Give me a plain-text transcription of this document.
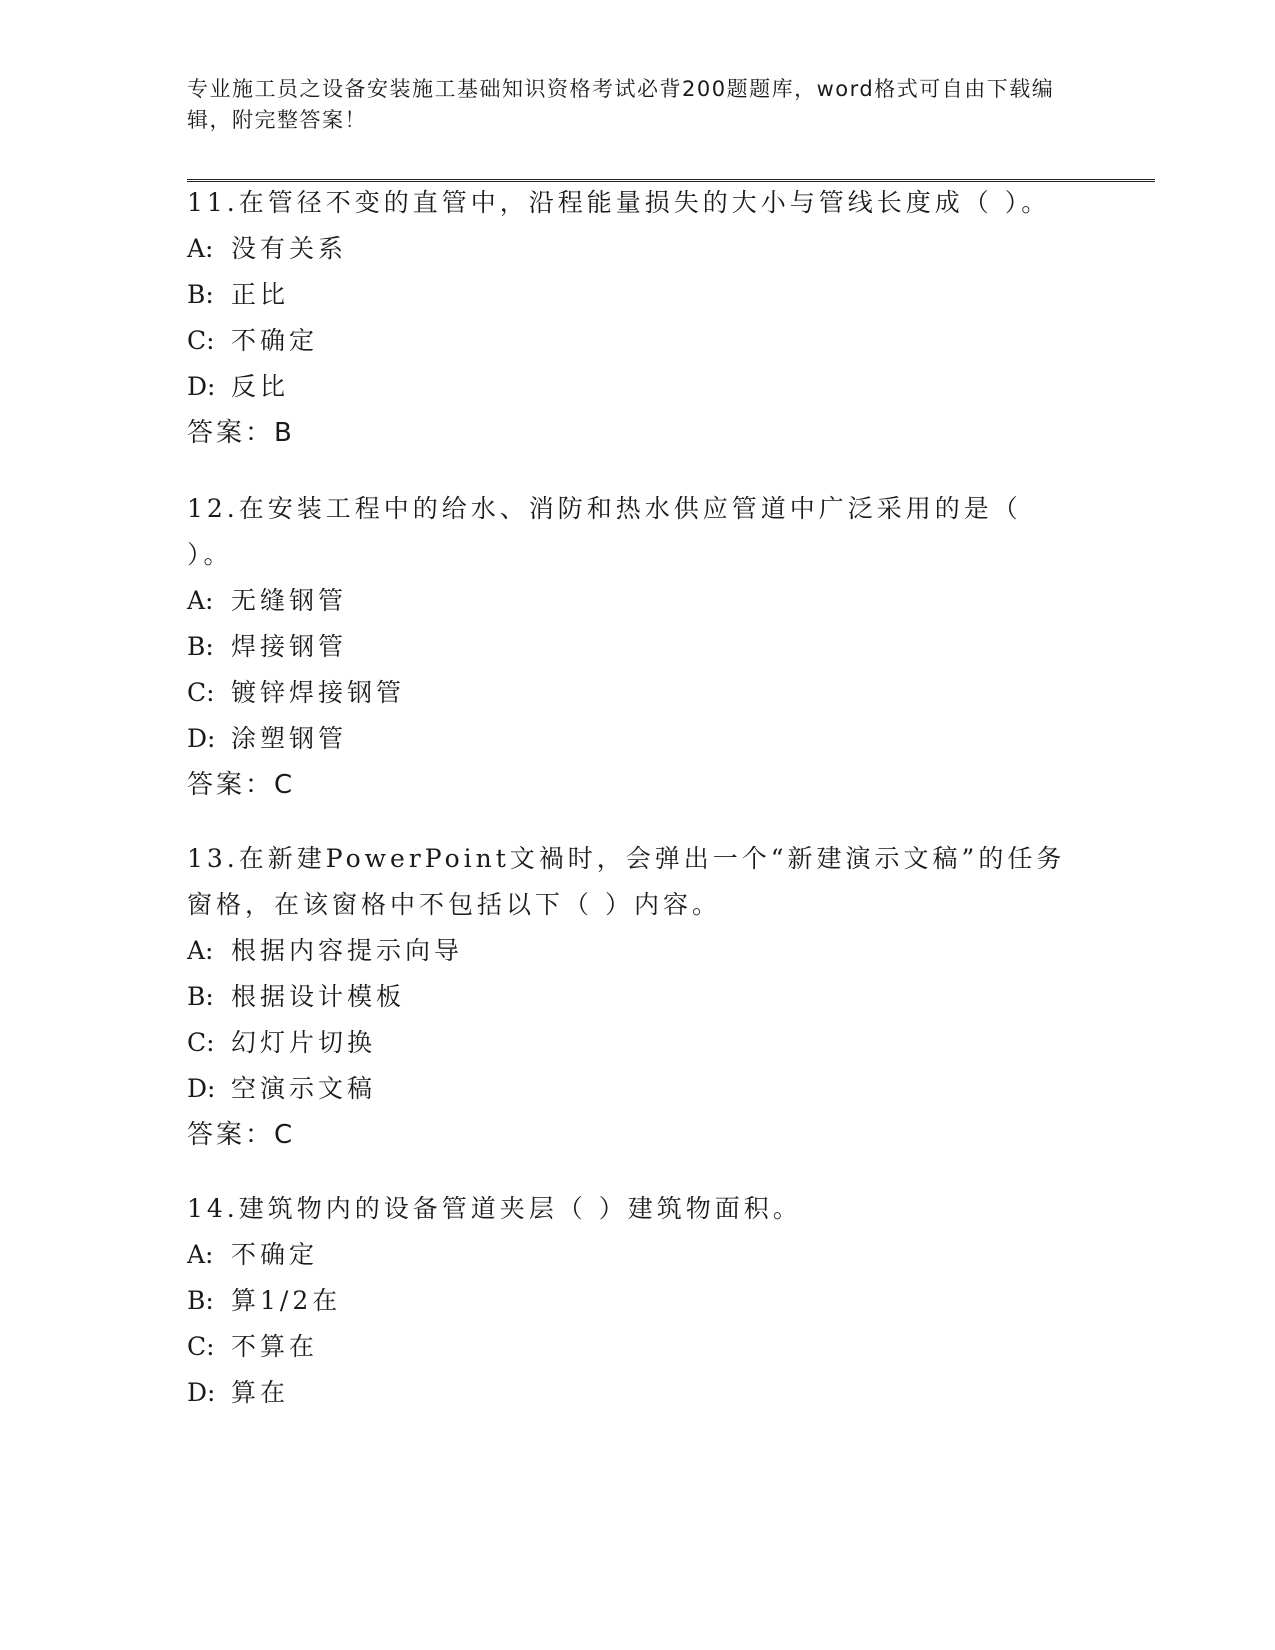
专业施工员之设备安装施工基础知识资格考试必背200题题库，word格式可自由下载编辑，附完整答案！

11.在管径不变的直管中，沿程能量损失的大小与管线长度成（ ）。

A: 没有关系

B: 正比

C: 不确定

D: 反比

答案：B

12.在安装工程中的给水、消防和热水供应管道中广泛采用的是（ ）。

A: 无缝钢管

B: 焊接钢管

C: 镀锌焊接钢管

D: 涂塑钢管

答案：C

13.在新建PowerPoint文禍时，会弹出一个“新建演示文稿”的任务窗格，在该窗格中不包括以下（ ）内容。

A: 根据内容提示向导

B: 根据设计模板

C: 幻灯片切换

D: 空演示文稿

答案：C

14.建筑物内的设备管道夹层（ ）建筑物面积。

A: 不确定

B: 算1/2在

C: 不算在

D: 算在
